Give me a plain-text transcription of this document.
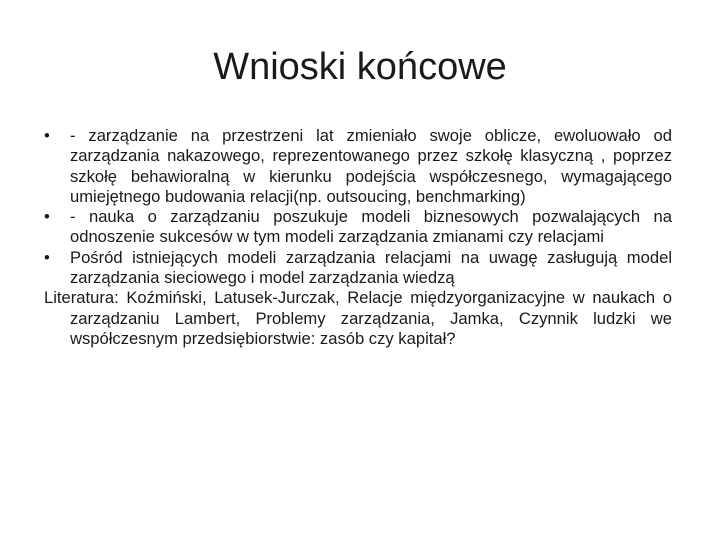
Wnioski końcowe

• - zarządzanie na przestrzeni lat zmieniało swoje oblicze, ewoluowało od zarządzania nakazowego, reprezentowanego przez szkołę klasyczną , poprzez szkołę behawioralną w kierunku podejścia współczesnego, wymagającego umiejętnego budowania relacji(np. outsoucing, benchmarking)

• - nauka o zarządzaniu poszukuje modeli biznesowych pozwalających na odnoszenie sukcesów w tym modeli zarządzania zmianami czy relacjami

• Pośród istniejących modeli zarządzania relacjami na uwagę zasługują model zarządzania sieciowego i model zarządzania wiedzą

Literatura: Koźmiński, Latusek-Jurczak, Relacje międzyorganizacyjne w naukach o zarządzaniu Lambert, Problemy zarządzania, Jamka, Czynnik ludzki we współczesnym przedsiębiorstwie: zasób czy kapitał?
